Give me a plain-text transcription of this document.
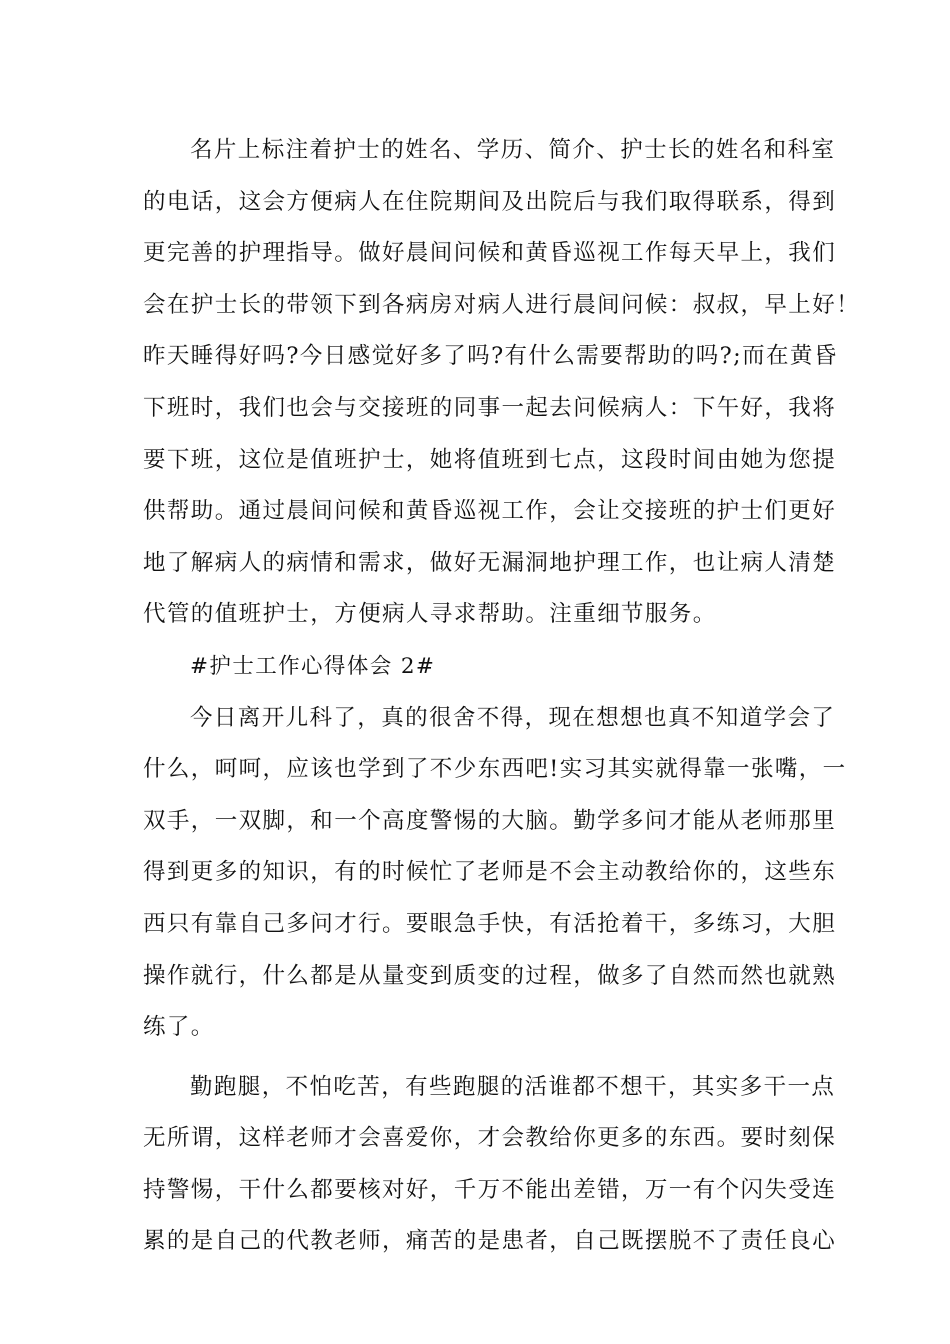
名片上标注着护士的姓名、学历、简介、护士长的姓名和科室
的电话，这会方便病人在住院期间及出院后与我们取得联系，得到
更完善的护理指导。做好晨间问候和黄昏巡视工作每天早上，我们
会在护士长的带领下到各病房对病人进行晨间问候：叔叔，早上好！
昨天睡得好吗?今日感觉好多了吗?有什么需要帮助的吗?;而在黄昏
下班时，我们也会与交接班的同事一起去问候病人：下午好，我将
要下班，这位是值班护士，她将值班到七点，这段时间由她为您提
供帮助。通过晨间问候和黄昏巡视工作，会让交接班的护士们更好
地了解病人的病情和需求，做好无漏洞地护理工作，也让病人清楚
代管的值班护士，方便病人寻求帮助。注重细节服务。
#护士工作心得体会 2#
今日离开儿科了，真的很舍不得，现在想想也真不知道学会了
什么，呵呵，应该也学到了不少东西吧!实习其实就得靠一张嘴，一
双手，一双脚，和一个高度警惕的大脑。勤学多问才能从老师那里
得到更多的知识，有的时候忙了老师是不会主动教给你的，这些东
西只有靠自己多问才行。要眼急手快，有活抢着干，多练习，大胆
操作就行，什么都是从量变到质变的过程，做多了自然而然也就熟
练了。
勤跑腿，不怕吃苦，有些跑腿的活谁都不想干，其实多干一点
无所谓，这样老师才会喜爱你，才会教给你更多的东西。要时刻保
持警惕，干什么都要核对好，千万不能出差错，万一有个闪失受连
累的是自己的代教老师，痛苦的是患者，自己既摆脱不了责任良心
